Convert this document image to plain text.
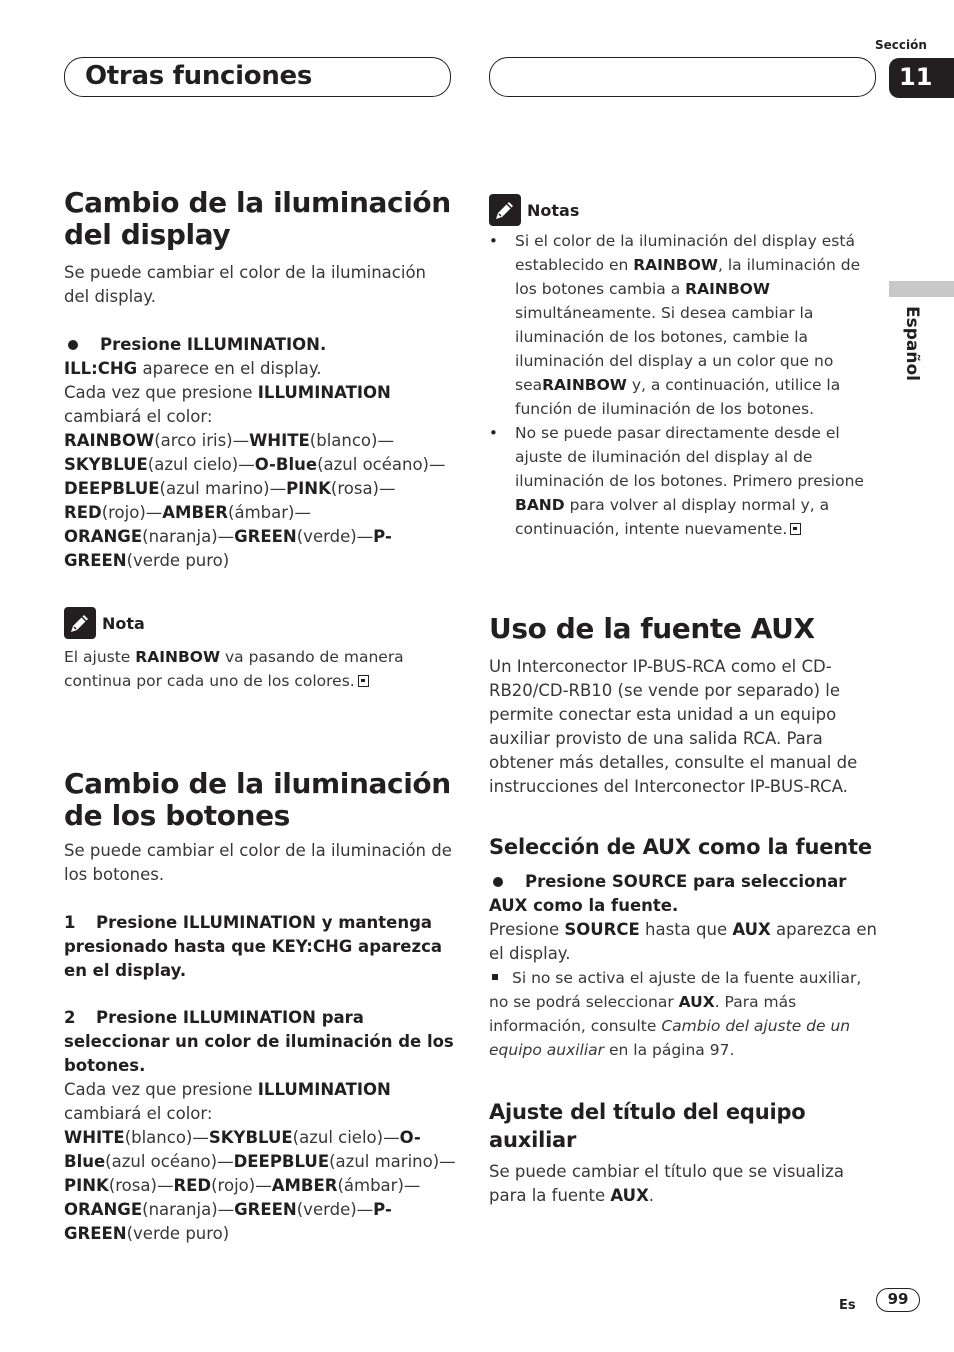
Otras funciones
Sección
11
Español
Cambio de la iluminación
del display

Se puede cambiar el color de la iluminación del display.

Presione ILLUMINATION.

ILL:CHG aparece en el display.

Cada vez que presione ILLUMINATION cambiará el color:

RAINBOW(arco iris)—WHITE(blanco)—SKYBLUE(azul cielo)—O-Blue(azul océano)—DEEPBLUE(azul marino)—PINK(rosa)—RED(rojo)—AMBER(ámbar)—ORANGE(naranja)—GREEN(verde)—P-GREEN(verde puro)

Nota

El ajuste RAINBOW va pasando de manera continua por cada uno de los colores.

Cambio de la iluminación
de los botones

Se puede cambiar el color de la iluminación de los botones.

1 Presione ILLUMINATION y mantenga presionado hasta que KEY:CHG aparezca en el display.

2 Presione ILLUMINATION para seleccionar un color de iluminación de los botones.

Cada vez que presione ILLUMINATION cambiará el color:

WHITE(blanco)—SKYBLUE(azul cielo)—O-Blue(azul océano)—DEEPBLUE(azul marino)—PINK(rosa)—RED(rojo)—AMBER(ámbar)—ORANGE(naranja)—GREEN(verde)—P-GREEN(verde puro)

Notas

• Si el color de la iluminación del display está establecido en RAINBOW, la iluminación de los botones cambia a RAINBOW simultáneamente. Si desea cambiar la iluminación de los botones, cambie la iluminación del display a un color que no seaRAINBOW y, a continuación, utilice la función de iluminación de los botones.

• No se puede pasar directamente desde el ajuste de iluminación del display al de iluminación de los botones. Primero presione BAND para volver al display normal y, a continuación, intente nuevamente.

Uso de la fuente AUX

Un Interconector IP-BUS-RCA como el CD-RB20/CD-RB10 (se vende por separado) le permite conectar esta unidad a un equipo auxiliar provisto de una salida RCA. Para obtener más detalles, consulte el manual de instrucciones del Interconector IP-BUS-RCA.

Selección de AUX como la fuente

Presione SOURCE para seleccionar AUX como la fuente.

Presione SOURCE hasta que AUX aparezca en el display.

Si no se activa el ajuste de la fuente auxiliar, no se podrá seleccionar AUX. Para más información, consulte Cambio del ajuste de un equipo auxiliar en la página 97.

Ajuste del título del equipo auxiliar

Se puede cambiar el título que se visualiza para la fuente AUX.

Es	99
